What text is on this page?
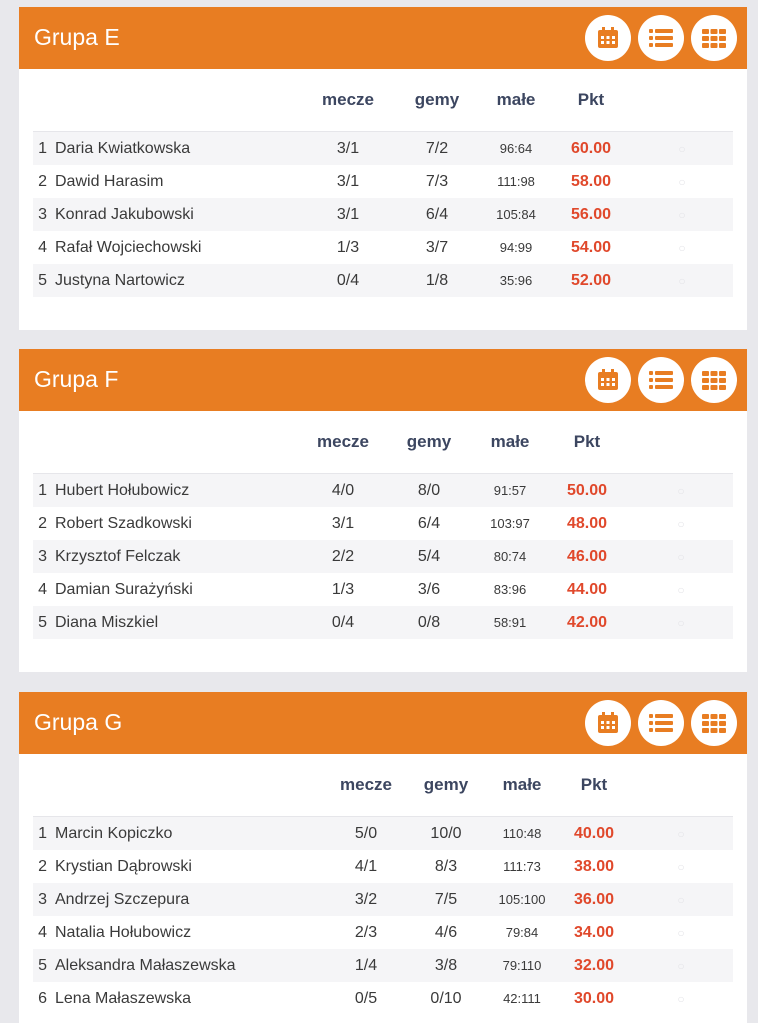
Grupa E
		mecze	gemy	małe	Pkt	
1	Daria Kwiatkowska	3/1	7/2	96:64	60.00	○
2	Dawid Harasim	3/1	7/3	111:98	58.00	○
3	Konrad Jakubowski	3/1	6/4	105:84	56.00	○
4	Rafał Wojciechowski	1/3	3/7	94:99	54.00	○
5	Justyna Nartowicz	0/4	1/8	35:96	52.00	○
Grupa F
		mecze	gemy	małe	Pkt	
1	Hubert Hołubowicz	4/0	8/0	91:57	50.00	○
2	Robert Szadkowski	3/1	6/4	103:97	48.00	○
3	Krzysztof Felczak	2/2	5/4	80:74	46.00	○
4	Damian Surażyński	1/3	3/6	83:96	44.00	○
5	Diana Miszkiel	0/4	0/8	58:91	42.00	○
Grupa G
		mecze	gemy	małe	Pkt	
1	Marcin Kopiczko	5/0	10/0	110:48	40.00	○
2	Krystian Dąbrowski	4/1	8/3	111:73	38.00	○
3	Andrzej Szczepura	3/2	7/5	105:100	36.00	○
4	Natalia Hołubowicz	2/3	4/6	79:84	34.00	○
5	Aleksandra Małaszewska	1/4	3/8	79:110	32.00	○
6	Lena Małaszewska	0/5	0/10	42:111	30.00	○
